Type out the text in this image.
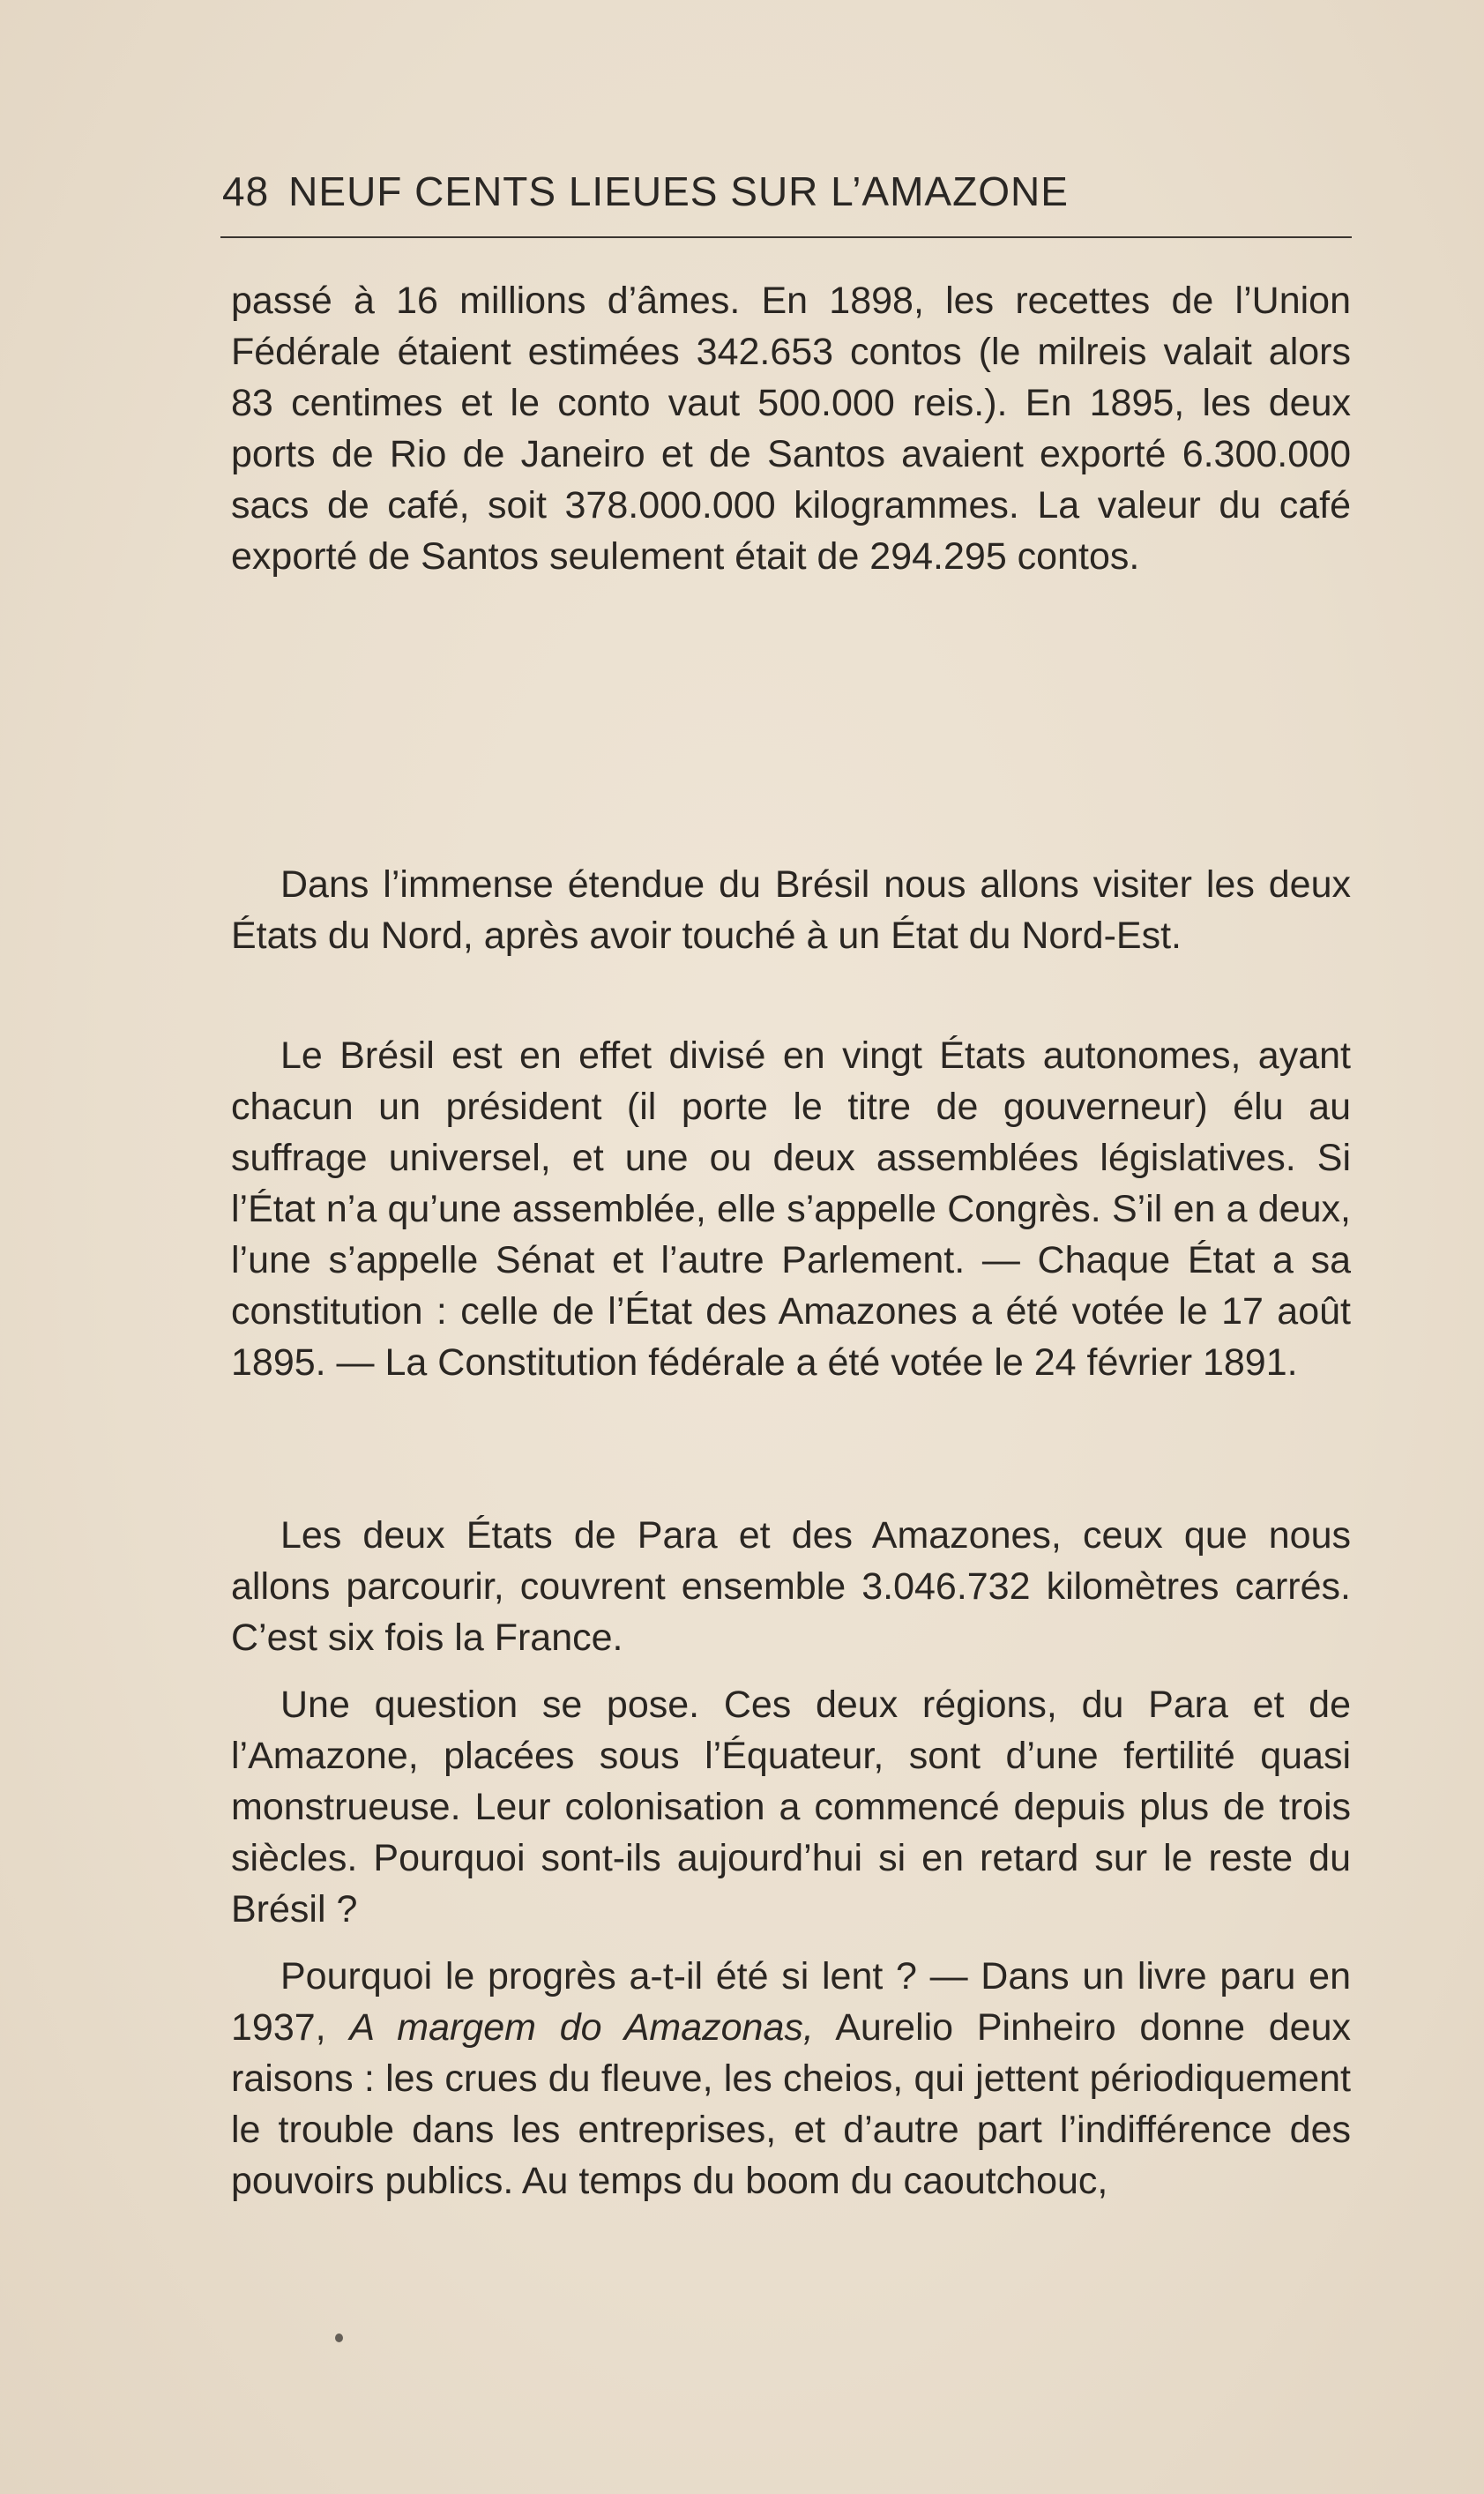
48 NEUF CENTS LIEUES SUR L’AMAZONE

passé à 16 millions d’âmes. En 1898, les recettes de l’Union Fédérale étaient estimées 342.653 contos (le milreis valait alors 83 centimes et le conto vaut 500.000 reis.). En 1895, les deux ports de Rio de Janeiro et de Santos avaient exporté 6.300.000 sacs de café, soit 378.000.000 kilogrammes. La valeur du café exporté de Santos seulement était de 294.295 contos.

Dans l’immense étendue du Brésil nous allons visiter les deux États du Nord, après avoir touché à un État du Nord-Est.

Le Brésil est en effet divisé en vingt États autonomes, ayant chacun un président (il porte le titre de gouverneur) élu au suffrage universel, et une ou deux assemblées législatives. Si l’État n’a qu’une assemblée, elle s’appelle Congrès. S’il en a deux, l’une s’appelle Sénat et l’autre Parlement. — Chaque État a sa constitution : celle de l’État des Amazones a été votée le 17 août 1895. — La Constitution fédérale a été votée le 24 février 1891.

Les deux États de Para et des Amazones, ceux que nous allons parcourir, couvrent ensemble 3.046.732 kilomètres carrés. C’est six fois la France.

Une question se pose. Ces deux régions, du Para et de l’Amazone, placées sous l’Équateur, sont d’une fertilité quasi monstrueuse. Leur colonisation a commencé depuis plus de trois siècles. Pourquoi sont-ils aujourd’hui si en retard sur le reste du Brésil ?

Pourquoi le progrès a-t-il été si lent ? — Dans un livre paru en 1937, A margem do Amazonas, Aurelio Pinheiro donne deux raisons : les crues du fleuve, les cheios, qui jettent périodiquement le trouble dans les entreprises, et d’autre part l’indifférence des pouvoirs publics. Au temps du boom du caoutchouc,
